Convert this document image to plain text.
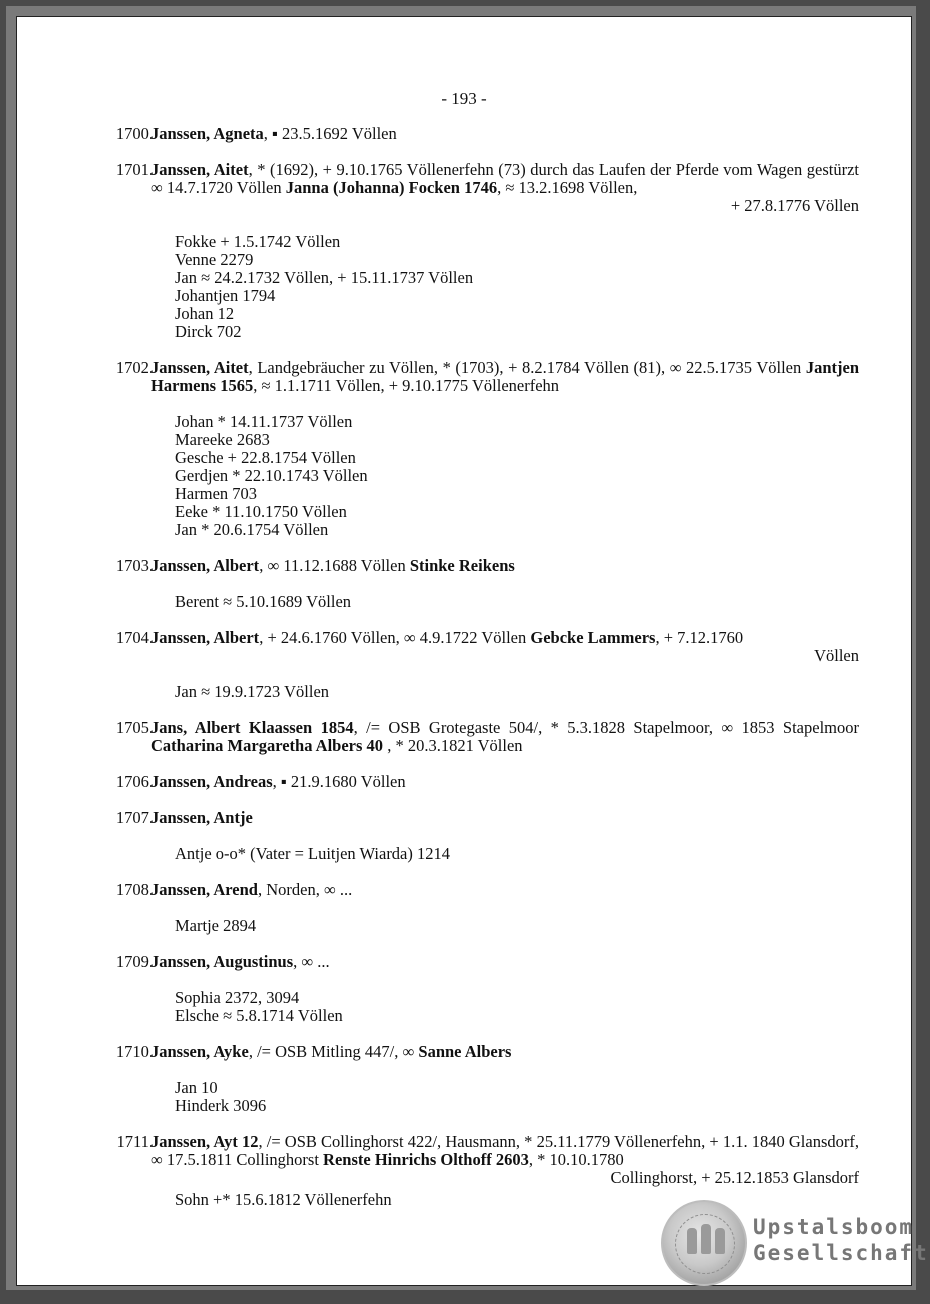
- 193 -
1700.
Janssen, Agneta, ▪ 23.5.1692 Völlen
1701.
Janssen, Aitet, * (1692), + 9.10.1765 Völlenerfehn (73) durch das Laufen der Pferde vom Wagen gestürzt ∞ 14.7.1720 Völlen Janna (Johanna) Focken 1746, ≈ 13.2.1698 Völlen,
+ 27.8.1776 Völlen
Fokke + 1.5.1742 Völlen
Venne 2279
Jan ≈ 24.2.1732 Völlen, + 15.11.1737 Völlen
Johantjen 1794
Johan 12
Dirck 702
1702.
Janssen, Aitet, Landgebräucher zu Völlen, * (1703), + 8.2.1784 Völlen (81), ∞ 22.5.1735 Völlen Jantjen Harmens 1565, ≈ 1.1.1711 Völlen, + 9.10.1775 Völlenerfehn
Johan * 14.11.1737 Völlen
Mareeke 2683
Gesche + 22.8.1754 Völlen
Gerdjen * 22.10.1743 Völlen
Harmen 703
Eeke * 11.10.1750 Völlen
Jan * 20.6.1754 Völlen
1703.
Janssen, Albert, ∞ 11.12.1688 Völlen Stinke Reikens
Berent ≈ 5.10.1689 Völlen
1704.
Janssen, Albert, + 24.6.1760 Völlen, ∞ 4.9.1722 Völlen Gebcke Lammers, + 7.12.1760
Völlen
Jan ≈ 19.9.1723 Völlen
1705.
Jans, Albert Klaassen 1854, /= OSB Grotegaste 504/, * 5.3.1828 Stapelmoor, ∞ 1853 Stapelmoor Catharina Margaretha Albers 40 , * 20.3.1821 Völlen
1706.
Janssen, Andreas, ▪ 21.9.1680 Völlen
1707.
Janssen, Antje
Antje o-o* (Vater = Luitjen Wiarda) 1214
1708.
Janssen, Arend, Norden, ∞ ...
Martje 2894
1709.
Janssen, Augustinus, ∞ ...
Sophia 2372, 3094
Elsche ≈ 5.8.1714 Völlen
1710.
Janssen, Ayke, /= OSB Mitling 447/, ∞ Sanne Albers
Jan 10
Hinderk 3096
1711.
Janssen, Ayt 12, /= OSB Collinghorst 422/, Hausmann, * 25.11.1779 Völlenerfehn, + 1.1. 1840 Glansdorf, ∞ 17.5.1811 Collinghorst Renste Hinrichs Olthoff 2603, * 10.10.1780
Collinghorst, + 25.12.1853 Glansdorf
Sohn +* 15.6.1812 Völlenerfehn
Upstalsboom
Gesellschaft
